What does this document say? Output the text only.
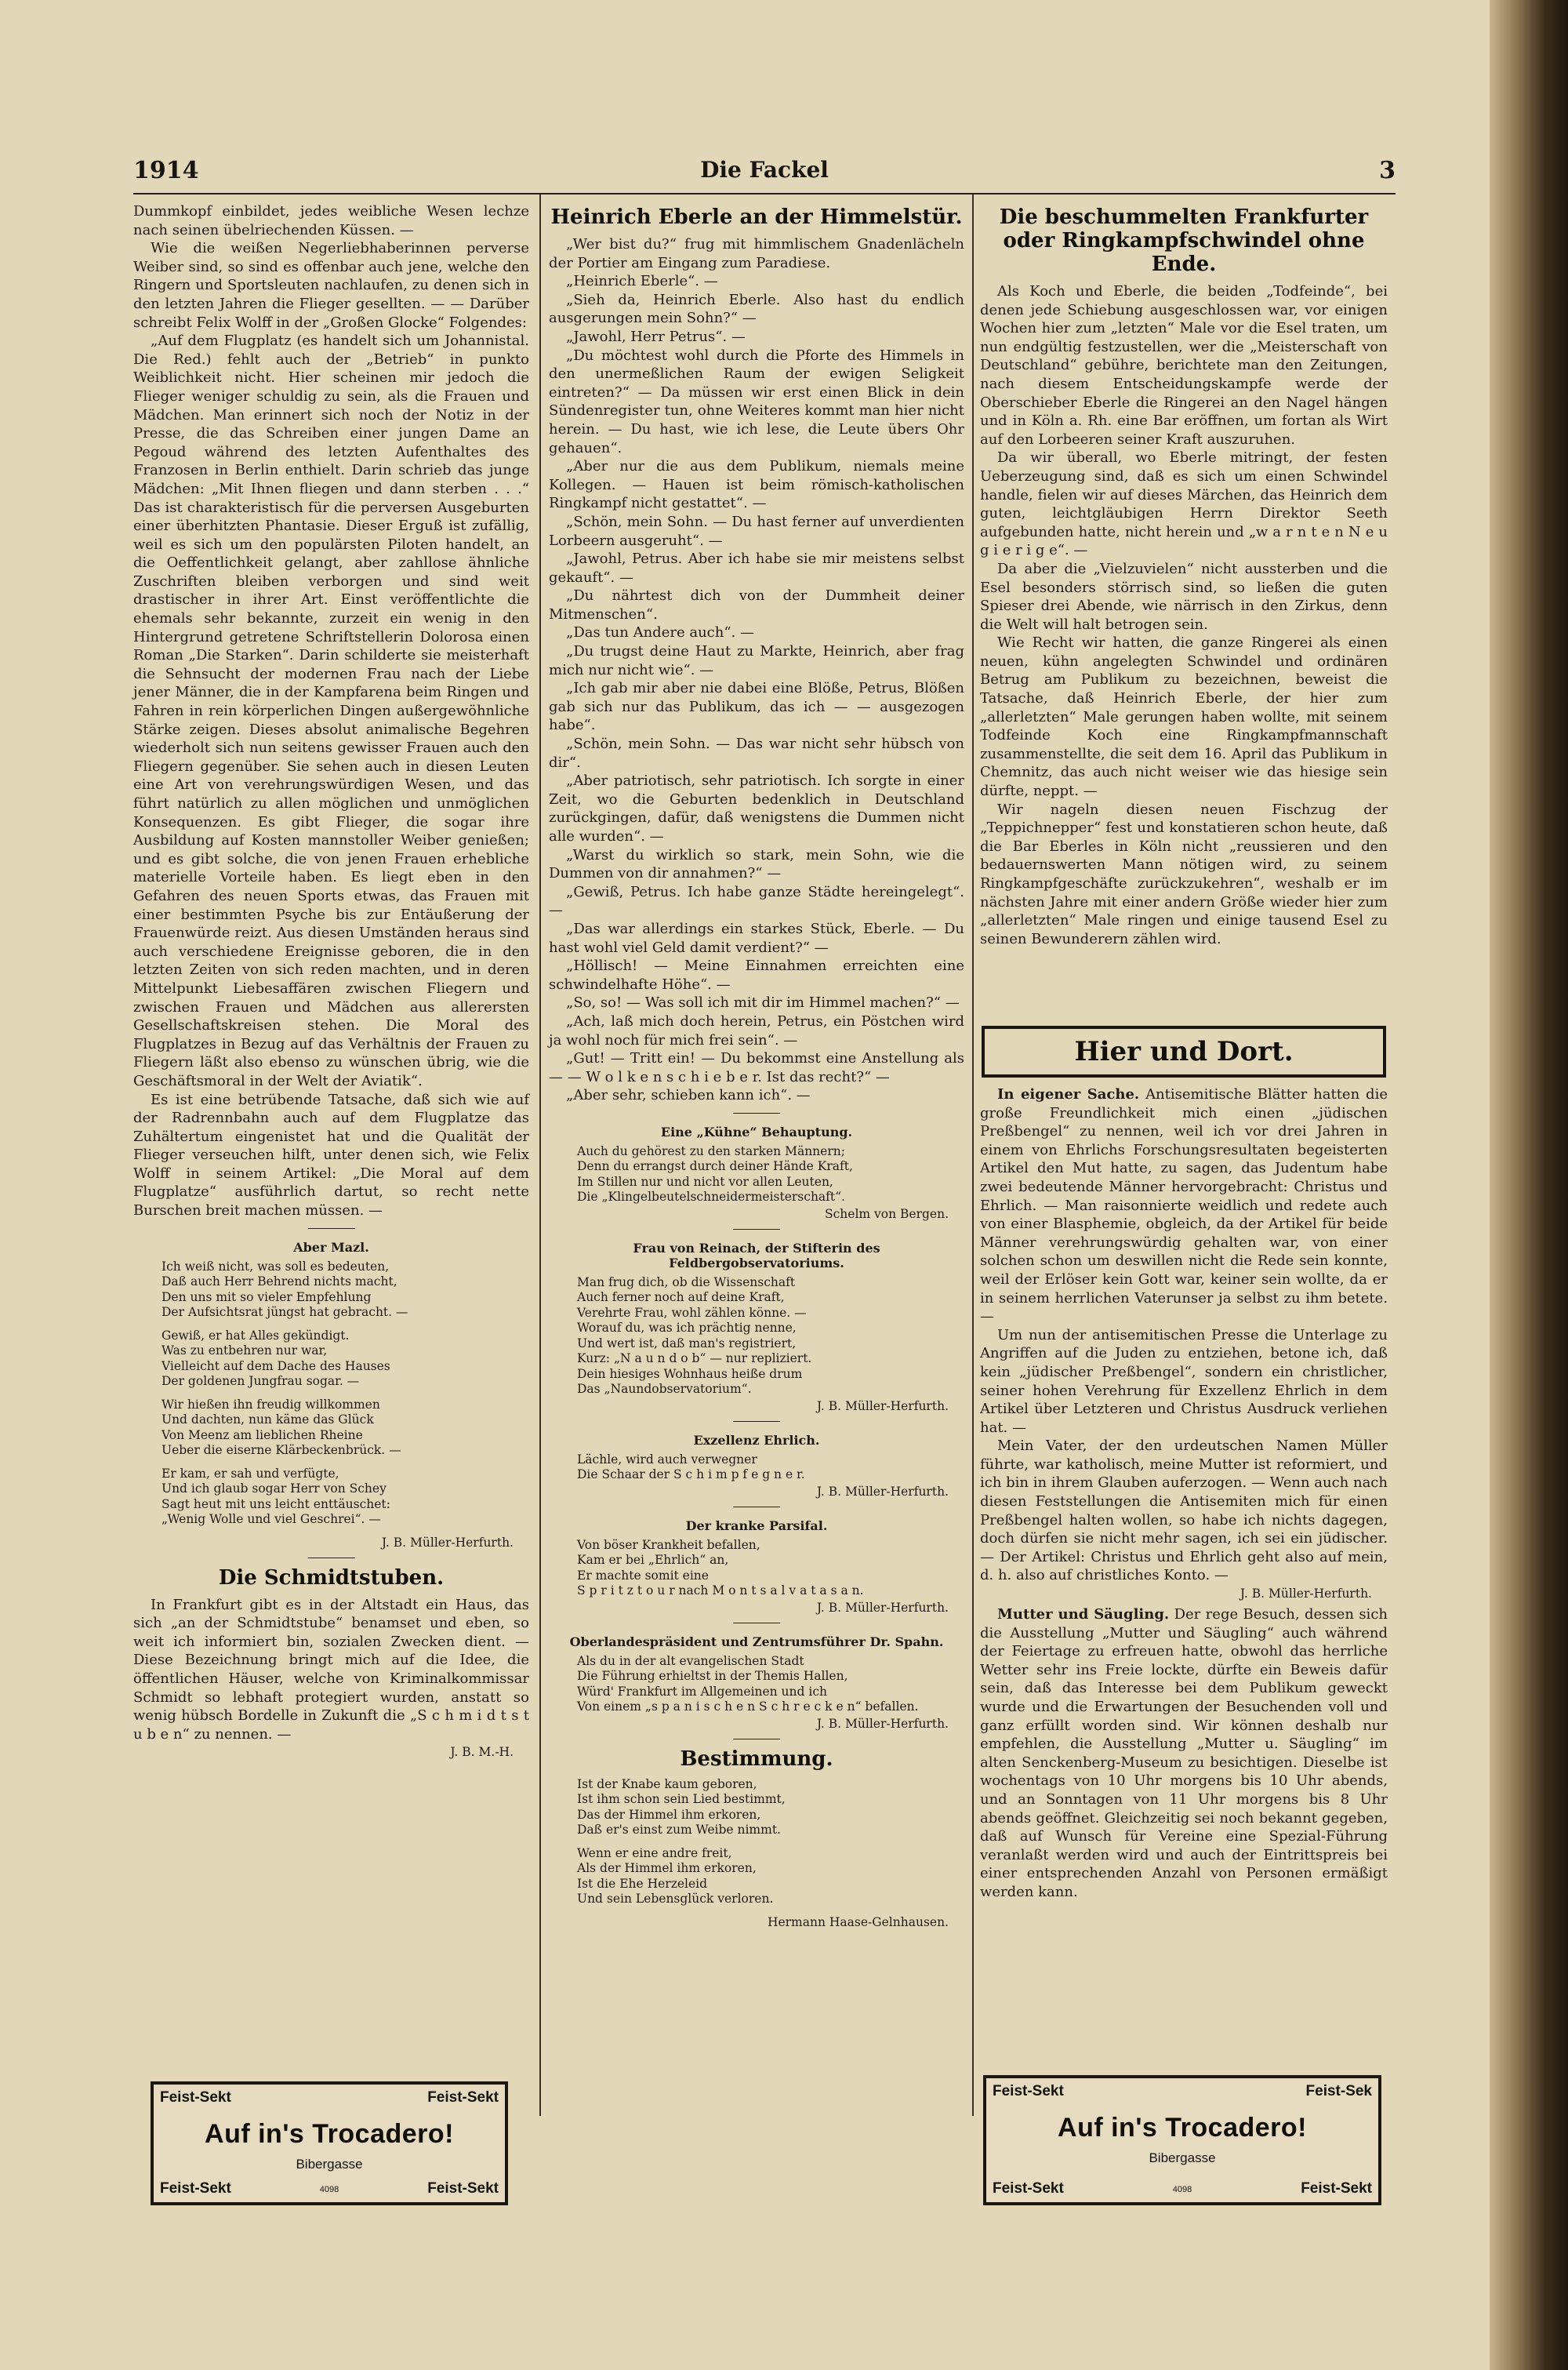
1914	Die Fackel	3

Dummkopf einbildet, jedes weibliche Wesen lechze nach seinen übelriechenden Küssen. —

Wie die weißen Negerliebhaberinnen perverse Weiber sind, so sind es offenbar auch jene, welche den Ringern und Sportsleuten nachlaufen, zu denen sich in den letzten Jahren die Flieger gesellten. — — Darüber schreibt Felix Wolff in der „Großen Glocke“ Folgendes:

„Auf dem Flugplatz (es handelt sich um Johannistal. Die Red.) fehlt auch der „Betrieb“ in punkto Weiblichkeit nicht. Hier scheinen mir jedoch die Flieger weniger schuldig zu sein, als die Frauen und Mädchen. Man erinnert sich noch der Notiz in der Presse, die das Schreiben einer jungen Dame an Pegoud während des letzten Aufenthaltes des Franzosen in Berlin enthielt. Darin schrieb das junge Mädchen: „Mit Ihnen fliegen und dann sterben . . .“ Das ist charakteristisch für die perversen Ausgeburten einer überhitzten Phantasie. Dieser Erguß ist zufällig, weil es sich um den populärsten Piloten handelt, an die Oeffentlichkeit gelangt, aber zahllose ähnliche Zuschriften bleiben verborgen und sind weit drastischer in ihrer Art. Einst veröffentlichte die ehemals sehr bekannte, zurzeit ein wenig in den Hintergrund getretene Schriftstellerin Dolorosa einen Roman „Die Starken“. Darin schilderte sie meisterhaft die Sehnsucht der modernen Frau nach der Liebe jener Männer, die in der Kampfarena beim Ringen und Fahren in rein körperlichen Dingen außergewöhnliche Stärke zeigen. Dieses absolut animalische Begehren wiederholt sich nun seitens gewisser Frauen auch den Fliegern gegenüber. Sie sehen auch in diesen Leuten eine Art von verehrungswürdigen Wesen, und das führt natürlich zu allen möglichen und unmöglichen Konsequenzen. Es gibt Flieger, die sogar ihre Ausbildung auf Kosten mannstoller Weiber genießen; und es gibt solche, die von jenen Frauen erhebliche materielle Vorteile haben. Es liegt eben in den Gefahren des neuen Sports etwas, das Frauen mit einer bestimmten Psyche bis zur Entäußerung der Frauenwürde reizt. Aus diesen Umständen heraus sind auch verschiedene Ereignisse geboren, die in den letzten Zeiten von sich reden machten, und in deren Mittelpunkt Liebesaffären zwischen Fliegern und zwischen Frauen und Mädchen aus allerersten Gesellschaftskreisen stehen. Die Moral des Flugplatzes in Bezug auf das Verhältnis der Frauen zu Fliegern läßt also ebenso zu wünschen übrig, wie die Geschäftsmoral in der Welt der Aviatik“.

Es ist eine betrübende Tatsache, daß sich wie auf der Radrennbahn auch auf dem Flugplatze das Zuhältertum eingenistet hat und die Qualität der Flieger verseuchen hilft, unter denen sich, wie Felix Wolff in seinem Artikel: „Die Moral auf dem Flugplatze“ ausführlich dartut, so recht nette Burschen breit machen müssen. —

Aber Mazl.
Ich weiß nicht, was soll es bedeuten,
Daß auch Herr Behrend nichts macht,
Den uns mit so vieler Empfehlung
Der Aufsichtsrat jüngst hat gebracht. —
Gewiß, er hat Alles gekündigt.
Was zu entbehren nur war,
Vielleicht auf dem Dache des Hauses
Der goldenen Jungfrau sogar. —
Wir hießen ihn freudig willkommen
Und dachten, nun käme das Glück
Von Meenz am lieblichen Rheine
Ueber die eiserne Klärbeckenbrück. —
Er kam, er sah und verfügte,
Und ich glaub sogar Herr von Schey
Sagt heut mit uns leicht enttäuschet:
„Wenig Wolle und viel Geschrei“. —
J. B. Müller-Herfurth.
Die Schmidtstuben.

In Frankfurt gibt es in der Altstadt ein Haus, das sich „an der Schmidtstube“ benamset und eben, so weit ich informiert bin, sozialen Zwecken dient. — Diese Bezeichnung bringt mich auf die Idee, die öffentlichen Häuser, welche von Kriminalkommissar Schmidt so lebhaft protegiert wurden, anstatt so wenig hübsch Bordelle in Zukunft die „S c h m i d t s t u b e n“ zu nennen. —

J. B. M.-H.
Heinrich Eberle an der Himmelstür.

„Wer bist du?“ frug mit himmlischem Gnadenlächeln der Portier am Eingang zum Paradiese.

„Heinrich Eberle“. —

„Sieh da, Heinrich Eberle. Also hast du endlich ausgerungen mein Sohn?“ —

„Jawohl, Herr Petrus“. —

„Du möchtest wohl durch die Pforte des Himmels in den unermeßlichen Raum der ewigen Seligkeit eintreten?“ — Da müssen wir erst einen Blick in dein Sündenregister tun, ohne Weiteres kommt man hier nicht herein. — Du hast, wie ich lese, die Leute übers Ohr gehauen“.

„Aber nur die aus dem Publikum, niemals meine Kollegen. — Hauen ist beim römisch-katholischen Ringkampf nicht gestattet“. —

„Schön, mein Sohn. — Du hast ferner auf unverdienten Lorbeern ausgeruht“. —

„Jawohl, Petrus. Aber ich habe sie mir meistens selbst gekauft“. —

„Du nährtest dich von der Dummheit deiner Mitmenschen“.

„Das tun Andere auch“. —

„Du trugst deine Haut zu Markte, Heinrich, aber frag mich nur nicht wie“. —

„Ich gab mir aber nie dabei eine Blöße, Petrus, Blößen gab sich nur das Publikum, das ich — — ausgezogen habe“.

„Schön, mein Sohn. — Das war nicht sehr hübsch von dir“.

„Aber patriotisch, sehr patriotisch. Ich sorgte in einer Zeit, wo die Geburten bedenklich in Deutschland zurückgingen, dafür, daß wenigstens die Dummen nicht alle wurden“. —

„Warst du wirklich so stark, mein Sohn, wie die Dummen von dir annahmen?“ —

„Gewiß, Petrus. Ich habe ganze Städte hereingelegt“. —

„Das war allerdings ein starkes Stück, Eberle. — Du hast wohl viel Geld damit verdient?“ —

„Höllisch! — Meine Einnahmen erreichten eine schwindelhafte Höhe“. —

„So, so! — Was soll ich mit dir im Himmel machen?“ —

„Ach, laß mich doch herein, Petrus, ein Pöstchen wird ja wohl noch für mich frei sein“. —

„Gut! — Tritt ein! — Du bekommst eine Anstellung als — — W o l k e n s c h i e b e r. Ist das recht?“ —

„Aber sehr, schieben kann ich“. —

Eine „Kühne“ Behauptung.
Auch du gehörest zu den starken Männern;
Denn du errangst durch deiner Hände Kraft,
Im Stillen nur und nicht vor allen Leuten,
Die „Klingelbeutelschneidermeisterschaft“.
Schelm von Bergen.
Frau von Reinach, der Stifterin des Feldbergobservatoriums.
Man frug dich, ob die Wissenschaft
Auch ferner noch auf deine Kraft,
Verehrte Frau, wohl zählen könne. —
Worauf du, was ich prächtig nenne,
Und wert ist, daß man's registriert,
Kurz: „N a u n d o b“ — nur repliziert.
Dein hiesiges Wohnhaus heiße drum
Das „Naundobservatorium“.
J. B. Müller-Herfurth.
Exzellenz Ehrlich.
Lächle, wird auch verwegner
Die Schaar der S c h i m p f e g n e r.
J. B. Müller-Herfurth.
Der kranke Parsifal.
Von böser Krankheit befallen,
Kam er bei „Ehrlich“ an,
Er machte somit eine
S p r i t z t o u r nach M o n t s a l v a t a s a n.
J. B. Müller-Herfurth.
Oberlandespräsident und Zentrumsführer Dr. Spahn.
Als du in der alt evangelischen Stadt
Die Führung erhieltst in der Themis Hallen,
Würd' Frankfurt im Allgemeinen und ich
Von einem „s p a n i s c h e n S c h r e c k e n“ befallen.
J. B. Müller-Herfurth.
Bestimmung.
Ist der Knabe kaum geboren,
Ist ihm schon sein Lied bestimmt,
Das der Himmel ihm erkoren,
Daß er's einst zum Weibe nimmt.
Wenn er eine andre freit,
Als der Himmel ihm erkoren,
Ist die Ehe Herzeleid
Und sein Lebensglück verloren.
Hermann Haase-Gelnhausen.
Die beschummelten Frankfurter oder Ringkampfschwindel ohne Ende.

Als Koch und Eberle, die beiden „Todfeinde“, bei denen jede Schiebung ausgeschlossen war, vor einigen Wochen hier zum „letzten“ Male vor die Esel traten, um nun endgültig festzustellen, wer die „Meisterschaft von Deutschland“ gebühre, berichtete man den Zeitungen, nach diesem Entscheidungskampfe werde der Oberschieber Eberle die Ringerei an den Nagel hängen und in Köln a. Rh. eine Bar eröffnen, um fortan als Wirt auf den Lorbeeren seiner Kraft auszuruhen.

Da wir überall, wo Eberle mitringt, der festen Ueberzeugung sind, daß es sich um einen Schwindel handle, fielen wir auf dieses Märchen, das Heinrich dem guten, leichtgläubigen Herrn Direktor Seeth aufgebunden hatte, nicht herein und „w a r n t e n N e u g i e r i g e“. —

Da aber die „Vielzuvielen“ nicht aussterben und die Esel besonders störrisch sind, so ließen die guten Spieser drei Abende, wie närrisch in den Zirkus, denn die Welt will halt betrogen sein.

Wie Recht wir hatten, die ganze Ringerei als einen neuen, kühn angelegten Schwindel und ordinären Betrug am Publikum zu bezeichnen, beweist die Tatsache, daß Heinrich Eberle, der hier zum „allerletzten“ Male gerungen haben wollte, mit seinem Todfeinde Koch eine Ringkampfmannschaft zusammenstellte, die seit dem 16. April das Publikum in Chemnitz, das auch nicht weiser wie das hiesige sein dürfte, neppt. —

Wir nageln diesen neuen Fischzug der „Teppichnepper“ fest und konstatieren schon heute, daß die Bar Eberles in Köln nicht „reussieren und den bedauernswerten Mann nötigen wird, zu seinem Ringkampfgeschäfte zurückzukehren“, weshalb er im nächsten Jahre mit einer andern Größe wieder hier zum „allerletzten“ Male ringen und einige tausend Esel zu seinen Bewunderern zählen wird.

Hier und Dort.

In eigener Sache. Antisemitische Blätter hatten die große Freundlichkeit mich einen „jüdischen Preßbengel“ zu nennen, weil ich vor drei Jahren in einem von Ehrlichs Forschungsresultaten begeisterten Artikel den Mut hatte, zu sagen, das Judentum habe zwei bedeutende Männer hervorgebracht: Christus und Ehrlich. — Man raisonnierte weidlich und redete auch von einer Blasphemie, obgleich, da der Artikel für beide Männer verehrungswürdig gehalten war, von einer solchen schon um deswillen nicht die Rede sein konnte, weil der Erlöser kein Gott war, keiner sein wollte, da er in seinem herrlichen Vaterunser ja selbst zu ihm betete. —

Um nun der antisemitischen Presse die Unterlage zu Angriffen auf die Juden zu entziehen, betone ich, daß kein „jüdischer Preßbengel“, sondern ein christlicher, seiner hohen Verehrung für Exzellenz Ehrlich in dem Artikel über Letzteren und Christus Ausdruck verliehen hat. —

Mein Vater, der den urdeutschen Namen Müller führte, war katholisch, meine Mutter ist reformiert, und ich bin in ihrem Glauben auferzogen. — Wenn auch nach diesen Feststellungen die Antisemiten mich für einen Preßbengel halten wollen, so habe ich nichts dagegen, doch dürfen sie nicht mehr sagen, ich sei ein jüdischer. — Der Artikel: Christus und Ehrlich geht also auf mein, d. h. also auf christliches Konto. —

J. B. Müller-Herfurth.

Mutter und Säugling. Der rege Besuch, dessen sich die Ausstellung „Mutter und Säugling“ auch während der Feiertage zu erfreuen hatte, obwohl das herrliche Wetter sehr ins Freie lockte, dürfte ein Beweis dafür sein, daß das Interesse bei dem Publikum geweckt wurde und die Erwartungen der Besuchenden voll und ganz erfüllt worden sind. Wir können deshalb nur empfehlen, die Ausstellung „Mutter u. Säugling“ im alten Senckenberg-Museum zu besichtigen. Dieselbe ist wochentags von 10 Uhr morgens bis 10 Uhr abends, und an Sonntagen von 11 Uhr morgens bis 8 Uhr abends geöffnet. Gleichzeitig sei noch bekannt gegeben, daß auf Wunsch für Vereine eine Spezial-Führung veranlaßt werden wird und auch der Eintrittspreis bei einer entsprechenden Anzahl von Personen ermäßigt werden kann.

Feist-Sekt	Feist-Sekt
Auf in's Trocadero!
Bibergasse
Feist-Sekt	Feist-Sekt
4098
Feist-Sekt	Feist-Sek
Auf in's Trocadero!
Bibergasse
Feist-Sekt	Feist-Sekt
4098
